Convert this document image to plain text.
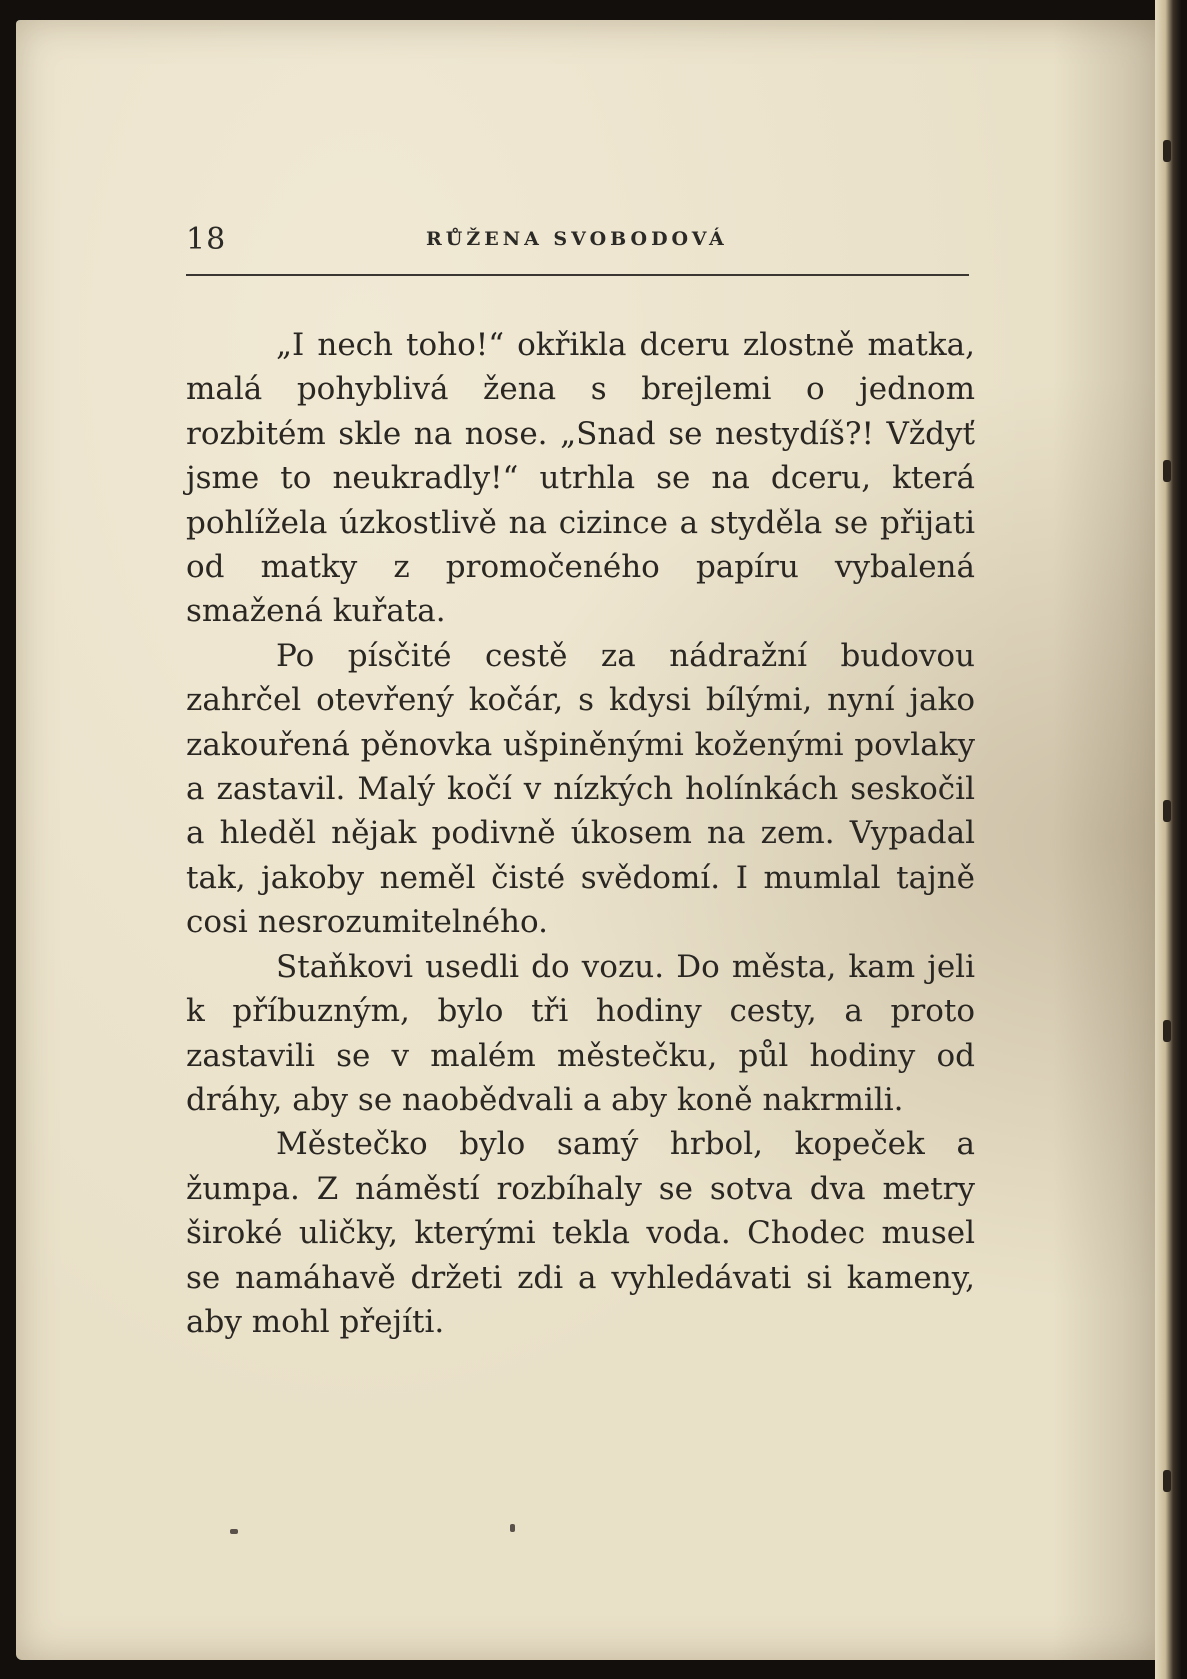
18	RŮŽENA SVOBODOVÁ

„I nech toho!“ okřikla dceru zlostně matka, malá pohyblivá žena s brejlemi o jednom rozbitém skle na nose. „Snad se nestydíš?! Vždyť jsme to neukradly!“ utrhla se na dceru, která pohlížela úzkostlivě na cizince a styděla se přijati od matky z promočeného papíru vybalená smažená kuřata.

Po písčité cestě za nádražní budovou zahrčel otevřený kočár, s kdysi bílými, nyní jako zakouřená pěnovka ušpiněnými koženými povlaky a zastavil. Malý kočí v nízkých holínkách seskočil a hleděl nějak podivně úkosem na zem. Vypadal tak, jakoby neměl čisté svědomí. I mumlal tajně cosi nesrozumitelného.

Staňkovi usedli do vozu. Do města, kam jeli k příbuzným, bylo tři hodiny cesty, a proto zastavili se v malém městečku, půl hodiny od dráhy, aby se naobědvali a aby koně nakrmili.

Městečko bylo samý hrbol, kopeček a žumpa. Z náměstí rozbíhaly se sotva dva metry široké uličky, kterými tekla voda. Chodec musel se namáhavě držeti zdi a vyhledávati si kameny, aby mohl přejíti.
